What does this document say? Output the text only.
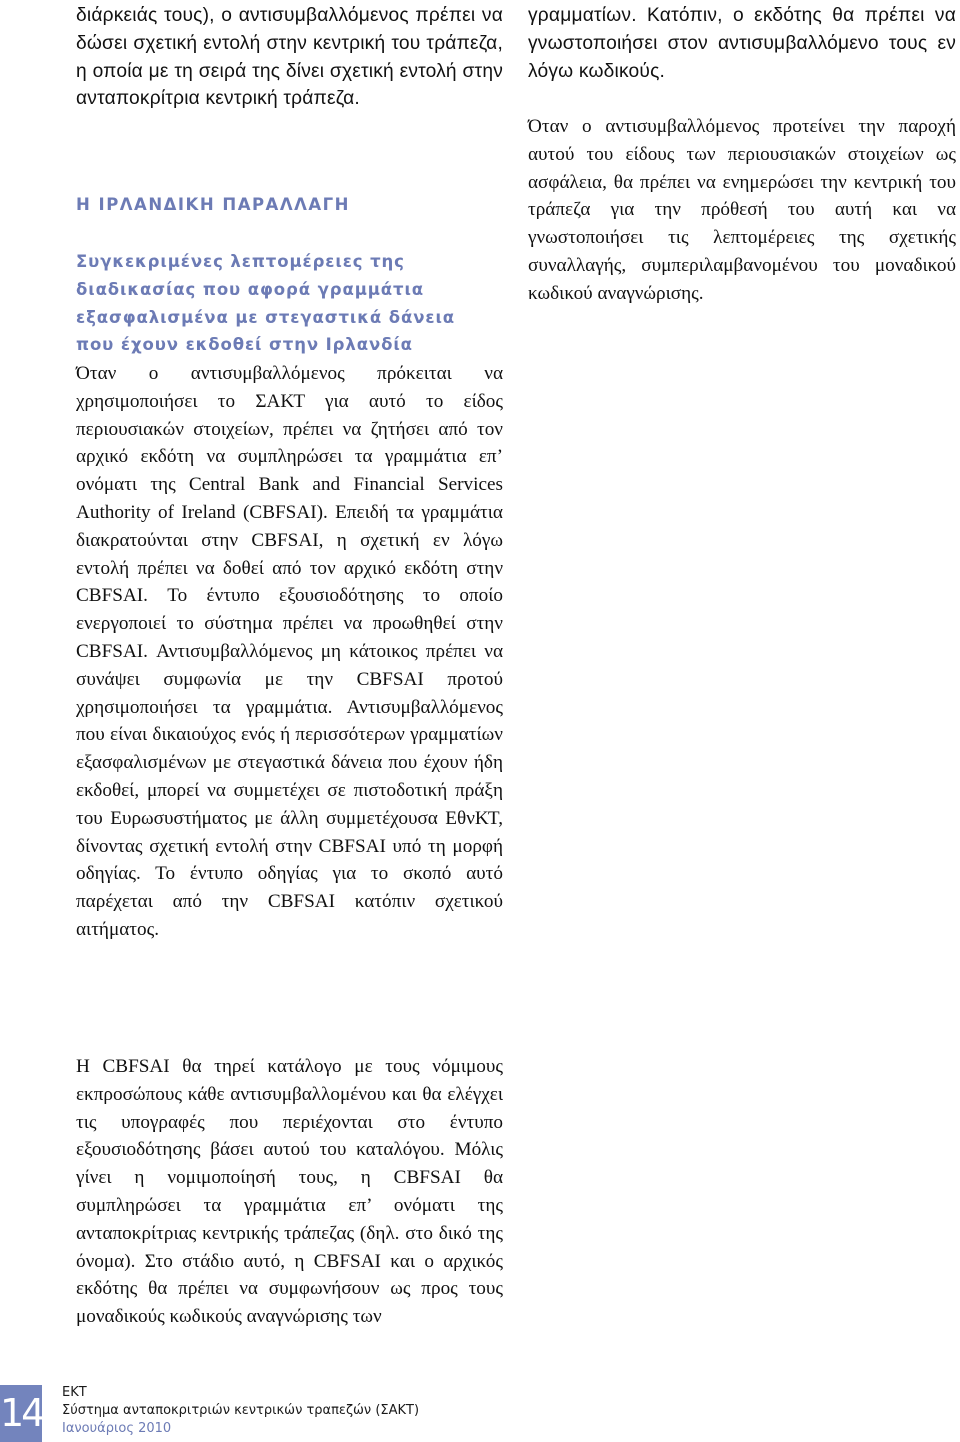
διάρκειάς τους), ο αντισυμβαλλόμενος πρέπει να δώσει σχετική εντολή στην κεντρική του τράπεζα, η οποία με τη σειρά της δίνει σχετική εντολή στην ανταποκρίτρια κεντρική τράπεζα.

Η ΙΡΛΑΝΔΙΚΗ ΠΑΡΑΛΛΑΓΗ
Συγκεκριμένες λεπτομέρειες της διαδικασίας που αφορά γραμμάτια εξασφαλισμένα με στεγαστικά δάνεια που έχουν εκδοθεί στην Ιρλανδία

Όταν ο αντισυμβαλλόμενος πρόκειται να χρησιμοποιήσει το ΣΑΚΤ για αυτό το είδος περιουσιακών στοιχείων, πρέπει να ζητήσει από τον αρχικό εκδότη να συμπληρώσει τα γραμμάτια επ’ ονόματι της Central Bank and Financial Services Authority of Ireland (CBFSAI). Επειδή τα γραμμάτια διακρατούνται στην CBFSAI, η σχετική εν λόγω εντολή πρέπει να δοθεί από τον αρχικό εκδότη στην CBFSAI. Το έντυπο εξουσιοδότησης το οποίο ενεργοποιεί το σύστημα πρέπει να προωθηθεί στην CBFSAI. Αντισυμβαλλόμενος μη κάτοικος πρέπει να συνάψει συμφωνία με την CBFSAI προτού χρησιμοποιήσει τα γραμμάτια. Αντισυμβαλλόμενος που είναι δικαιούχος ενός ή περισσότερων γραμματίων εξασφαλισμένων με στεγαστικά δάνεια που έχουν ήδη εκδοθεί, μπορεί να συμμετέχει σε πιστοδοτική πράξη του Ευρωσυστήματος με άλλη συμμετέχουσα ΕθνΚΤ, δίνοντας σχετική εντολή στην CBFSAI υπό τη μορφή οδηγίας. Το έντυπο οδηγίας για το σκοπό αυτό παρέχεται από την CBFSAI κατόπιν σχετικού αιτήματος.

Η CBFSAI θα τηρεί κατάλογο με τους νόμιμους εκπροσώπους κάθε αντισυμβαλλομένου και θα ελέγχει τις υπογραφές που περιέχονται στο έντυπο εξουσιοδότησης βάσει αυτού του καταλόγου. Μόλις γίνει η νομιμοποίησή τους, η CBFSAI θα συμπληρώσει τα γραμμάτια επ’ ονόματι της ανταποκρίτριας κεντρικής τράπεζας (δηλ. στο δικό της όνομα). Στο στάδιο αυτό, η CBFSAI και ο αρχικός εκδότης θα πρέπει να συμφωνήσουν ως προς τους μοναδικούς κωδικούς αναγνώρισης των

γραμματίων. Κατόπιν, ο εκδότης θα πρέπει να γνωστοποιήσει στον αντισυμβαλλόμενο τους εν λόγω κωδικούς.

Όταν ο αντισυμβαλλόμενος προτείνει την παροχή αυτού του είδους των περιουσιακών στοιχείων ως ασφάλεια, θα πρέπει να ενημερώσει την κεντρική του τράπεζα για την πρόθεσή του αυτή και να γνωστοποιήσει τις λεπτομέρειες της σχετικής συναλλαγής, συμπεριλαμβανομένου του μοναδικού κωδικού αναγνώρισης.

14 ΕΚΤ
Σύστημα ανταποκριτριών κεντρικών τραπεζών (ΣΑΚΤ)
Ιανουάριος 2010
